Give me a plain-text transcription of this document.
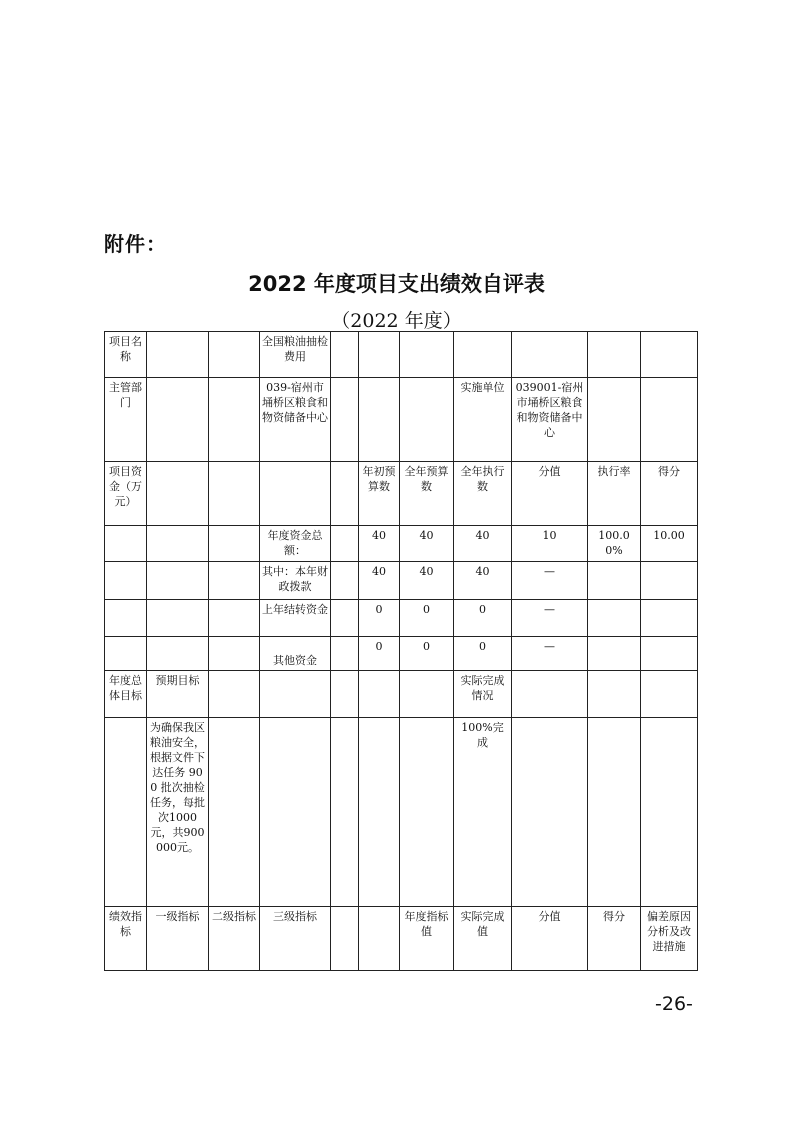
附件：
2022 年度项目支出绩效自评表
（2022 年度）
项目名称			全国粮油抽检费用							
主管部门			039-宿州市埇桥区粮食和物资储备中心				实施单位	039001-宿州市埇桥区粮食和物资储备中心		
项目资金（万元）					年初预算数	全年预算数	全年执行数	分值	执行率	得分
			年度资金总额：		40	40	40	10	100.00%	10.00
			其中：本年财政拨款		40	40	40	—		
			上年结转资金		0	0	0	—		
			其他资金		0	0	0	—		
年度总体目标	预期目标						实际完成情况			
	为确保我区粮油安全，根据文件下达任务 900 批次抽检任务，每批次1000 元，共900000元。						100%完成			
绩效指标	一级指标	二级指标	三级指标			年度指标值	实际完成值	分值	得分	偏差原因分析及改进措施
-26-
